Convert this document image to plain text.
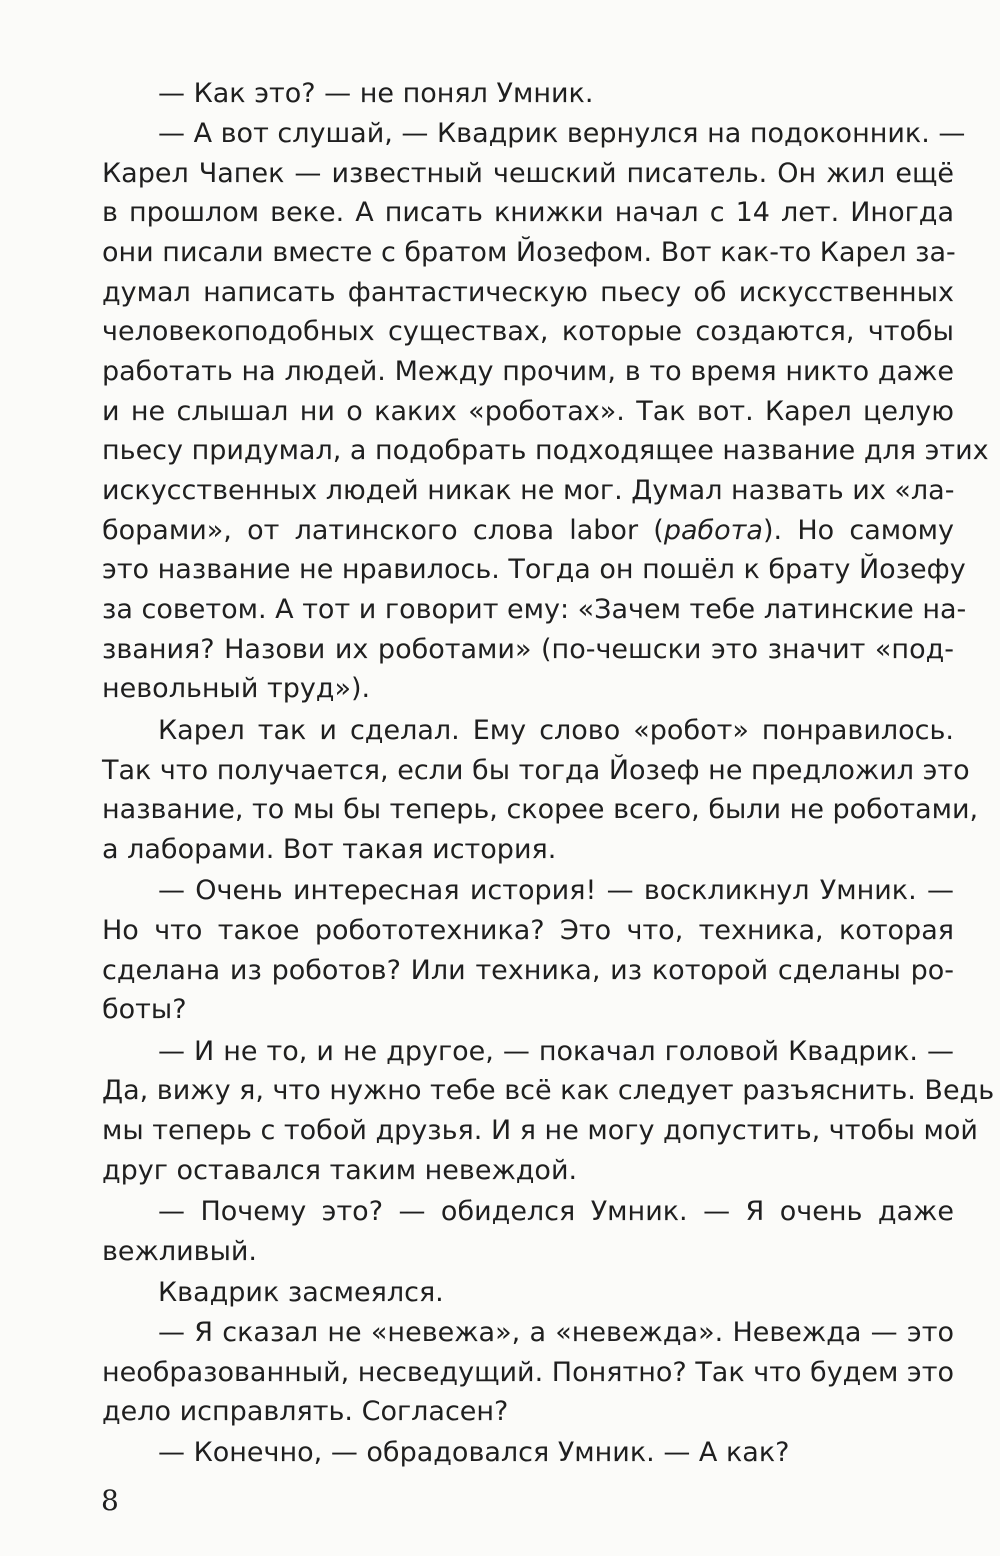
— Как это? — не понял Умник.
— А вот слушай, — Квадрик вернулся на подоконник. —
Карел Чапек — известный чешский писатель. Он жил ещё
в прошлом веке. А писать книжки начал с 14 лет. Иногда
они писали вместе с братом Йозефом. Вот как-то Карел за-
думал написать фантастическую пьесу об искусственных
человекоподобных существах, которые создаются, чтобы
работать на людей. Между прочим, в то время никто даже
и не слышал ни о каких «роботах». Так вот. Карел целую
пьесу придумал, а подобрать подходящее название для этих
искусственных людей никак не мог. Думал назвать их «ла-
борами», от латинского слова labor (работа). Но самому
это название не нравилось. Тогда он пошёл к брату Йозефу
за советом. А тот и говорит ему: «Зачем тебе латинские на-
звания? Назови их роботами» (по-чешски это значит «под-
невольный труд»).
Карел так и сделал. Ему слово «робот» понравилось.
Так что получается, если бы тогда Йозеф не предложил это
название, то мы бы теперь, скорее всего, были не роботами,
а лаборами. Вот такая история.
— Очень интересная история! — воскликнул Умник. —
Но что такое робототехника? Это что, техника, которая
сделана из роботов? Или техника, из которой сделаны ро-
боты?
— И не то, и не другое, — покачал головой Квадрик. —
Да, вижу я, что нужно тебе всё как следует разъяснить. Ведь
мы теперь с тобой друзья. И я не могу допустить, чтобы мой
друг оставался таким невеждой.
— Почему это? — обиделся Умник. — Я очень даже
вежливый.
Квадрик засмеялся.
— Я сказал не «невежа», а «невежда». Невежда — это
необразованный, несведущий. Понятно? Так что будем это
дело исправлять. Согласен?
— Конечно, — обрадовался Умник. — А как?
8
